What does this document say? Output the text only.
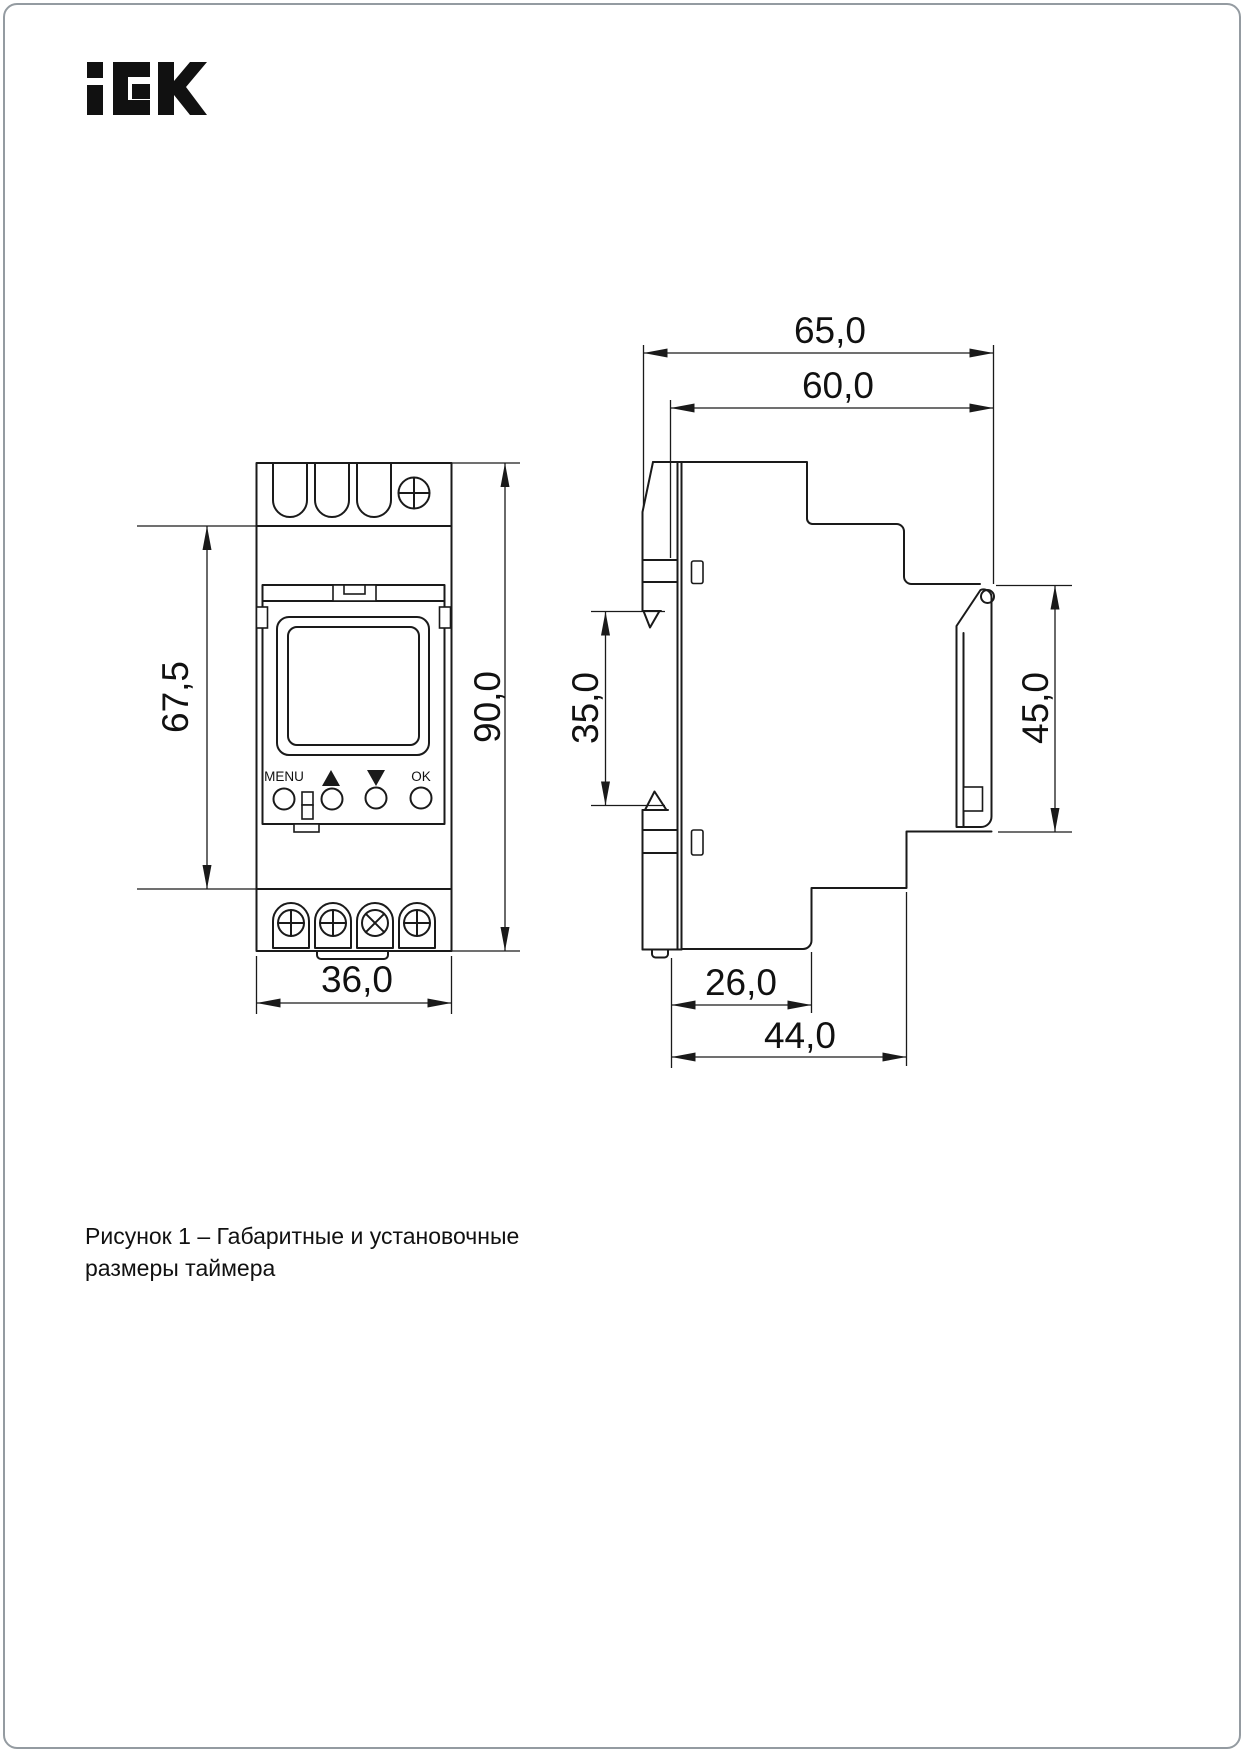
MENU	OK
67,5	90,0
36,0
65,0
60,0
35,0	45,0
26,0
44,0
Рисунок 1 – Габаритные и установочные
размеры таймера
